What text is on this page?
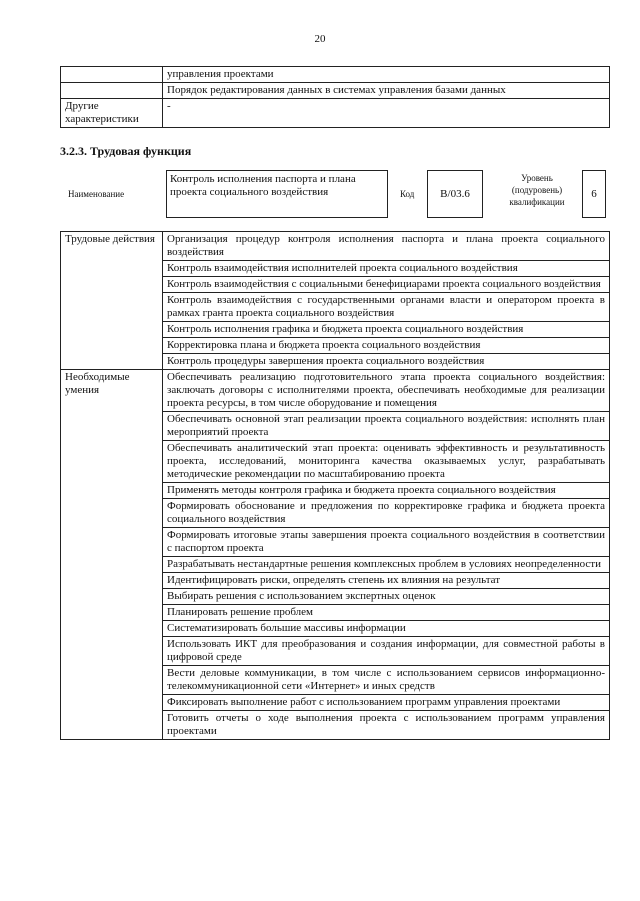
20
	управления проектами
	Порядок редактирования данных в системах управления базами данных
Другие характеристики	-
3.2.3. Трудовая функция
Наименование
Контроль исполнения паспорта и плана проекта социального воздействия	Код	B/03.6
Уровень (подуровень) квалификации
6
Трудовые действия	Организация процедур контроля исполнения паспорта и плана проекта социального воздействия
	Контроль взаимодействия исполнителей проекта социального воздействия
	Контроль взаимодействия с социальными бенефициарами проекта социального воздействия
	Контроль взаимодействия с государственными органами власти и оператором проекта в рамках гранта проекта социального воздействия
	Контроль исполнения графика и бюджета проекта социального воздействия
	Корректировка плана и бюджета проекта социального воздействия
	Контроль процедуры завершения проекта социального воздействия
Необходимые умения	Обеспечивать реализацию подготовительного этапа проекта социального воздействия: заключать договоры с исполнителями проекта, обеспечивать необходимые для реализации проекта ресурсы, в том числе оборудование и помещения
	Обеспечивать основной этап реализации проекта социального воздействия: исполнять план мероприятий проекта
	Обеспечивать аналитический этап проекта: оценивать эффективность и результативность проекта, исследований, мониторинга качества оказываемых услуг, разрабатывать методические рекомендации по масштабированию проекта
	Применять методы контроля графика и бюджета проекта социального воздействия
	Формировать обоснование и предложения по корректировке графика и бюджета проекта социального воздействия
	Формировать итоговые этапы завершения проекта социального воздействия в соответствии с паспортом проекта
	Разрабатывать нестандартные решения комплексных проблем в условиях неопределенности
	Идентифицировать риски, определять степень их влияния на результат
	Выбирать решения с использованием экспертных оценок
	Планировать решение проблем
	Систематизировать большие массивы информации
	Использовать ИКТ для преобразования и создания информации, для совместной работы в цифровой среде
	Вести деловые коммуникации, в том числе с использованием сервисов информационно-телекоммуникационной сети «Интернет» и иных средств
	Фиксировать выполнение работ с использованием программ управления проектами
	Готовить отчеты о ходе выполнения проекта с использованием программ управления проектами
